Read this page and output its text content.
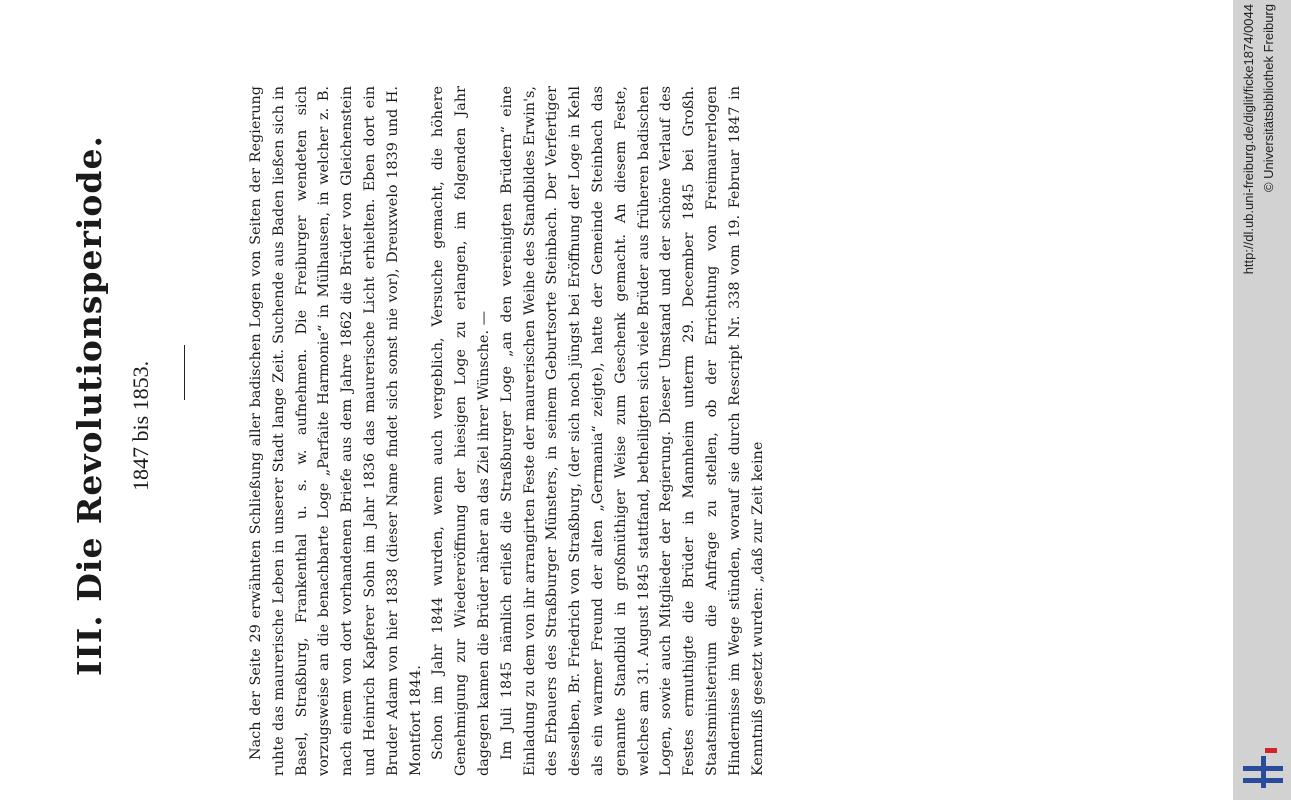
III. Die Revolutionsperiode. 1847 bis 1853.	Nach der Seite 29 erwähnten Schließung aller badischen Logen von Seiten der Regierung ruhte das maurerische Leben in unserer Stadt lange Zeit. Suchende aus Baden ließen sich in Basel, Straßburg, Frankenthal u. s. w. aufnehmen. Die Freiburger wendeten sich vorzugsweise an die benachbarte Loge „Parfaite Harmonie“ in Mülhausen, in welcher z. B. nach einem von dort vorhandenen Briefe aus dem Jahre 1862 die Brüder von Gleichenstein und Heinrich Kapferer Sohn im Jahr 1836 das maurerische Licht erhielten. Eben dort ein Bruder Adam von hier 1838 (dieser Name findet sich sonst nie vor), Dreuxwelo 1839 und H. Montfort 1844. Schon im Jahr 1844 wurden, wenn auch vergeblich, Versuche gemacht, die höhere Genehmigung zur Wiedereröffnung der hiesigen Loge zu erlangen, im folgenden Jahr dagegen kamen die Brüder näher an das Ziel ihrer Wünsche. — Im Juli 1845 nämlich erließ die Straßburger Loge „an den vereinigten Brüdern“ eine Einladung zu dem von ihr arrangirten Feste der maurerischen Weihe des Standbildes Erwin's, des Erbauers des Straßburger Münsters, in seinem Geburtsorte Steinbach. Der Verfertiger desselben, Br. Friedrich von Straßburg, (der sich noch jüngst bei Eröffnung der Loge in Kehl als ein warmer Freund der alten „Germania“ zeigte), hatte der Gemeinde Steinbach das genannte Standbild in großmüthiger Weise zum Geschenk gemacht. An diesem Feste, welches am 31. August 1845 stattfand, betheiligten sich viele Brüder aus früheren badischen Logen, sowie auch Mitglieder der Regierung. Dieser Umstand und der schöne Verlauf des Festes ermuthigte die Brüder in Mannheim unterm 29. December 1845 bei Großh. Staatsministerium die Anfrage zu stellen, ob der Errichtung von Freimaurerlogen Hindernisse im Wege stünden, worauf sie durch Rescript Nr. 338 vom 19. Februar 1847 in Kenntniß gesetzt wurden: „daß zur Zeit keine

http://dl.ub.uni-freiburg.de/diglit/ficke1874/0044 © Universitätsbibliothek Freiburg
